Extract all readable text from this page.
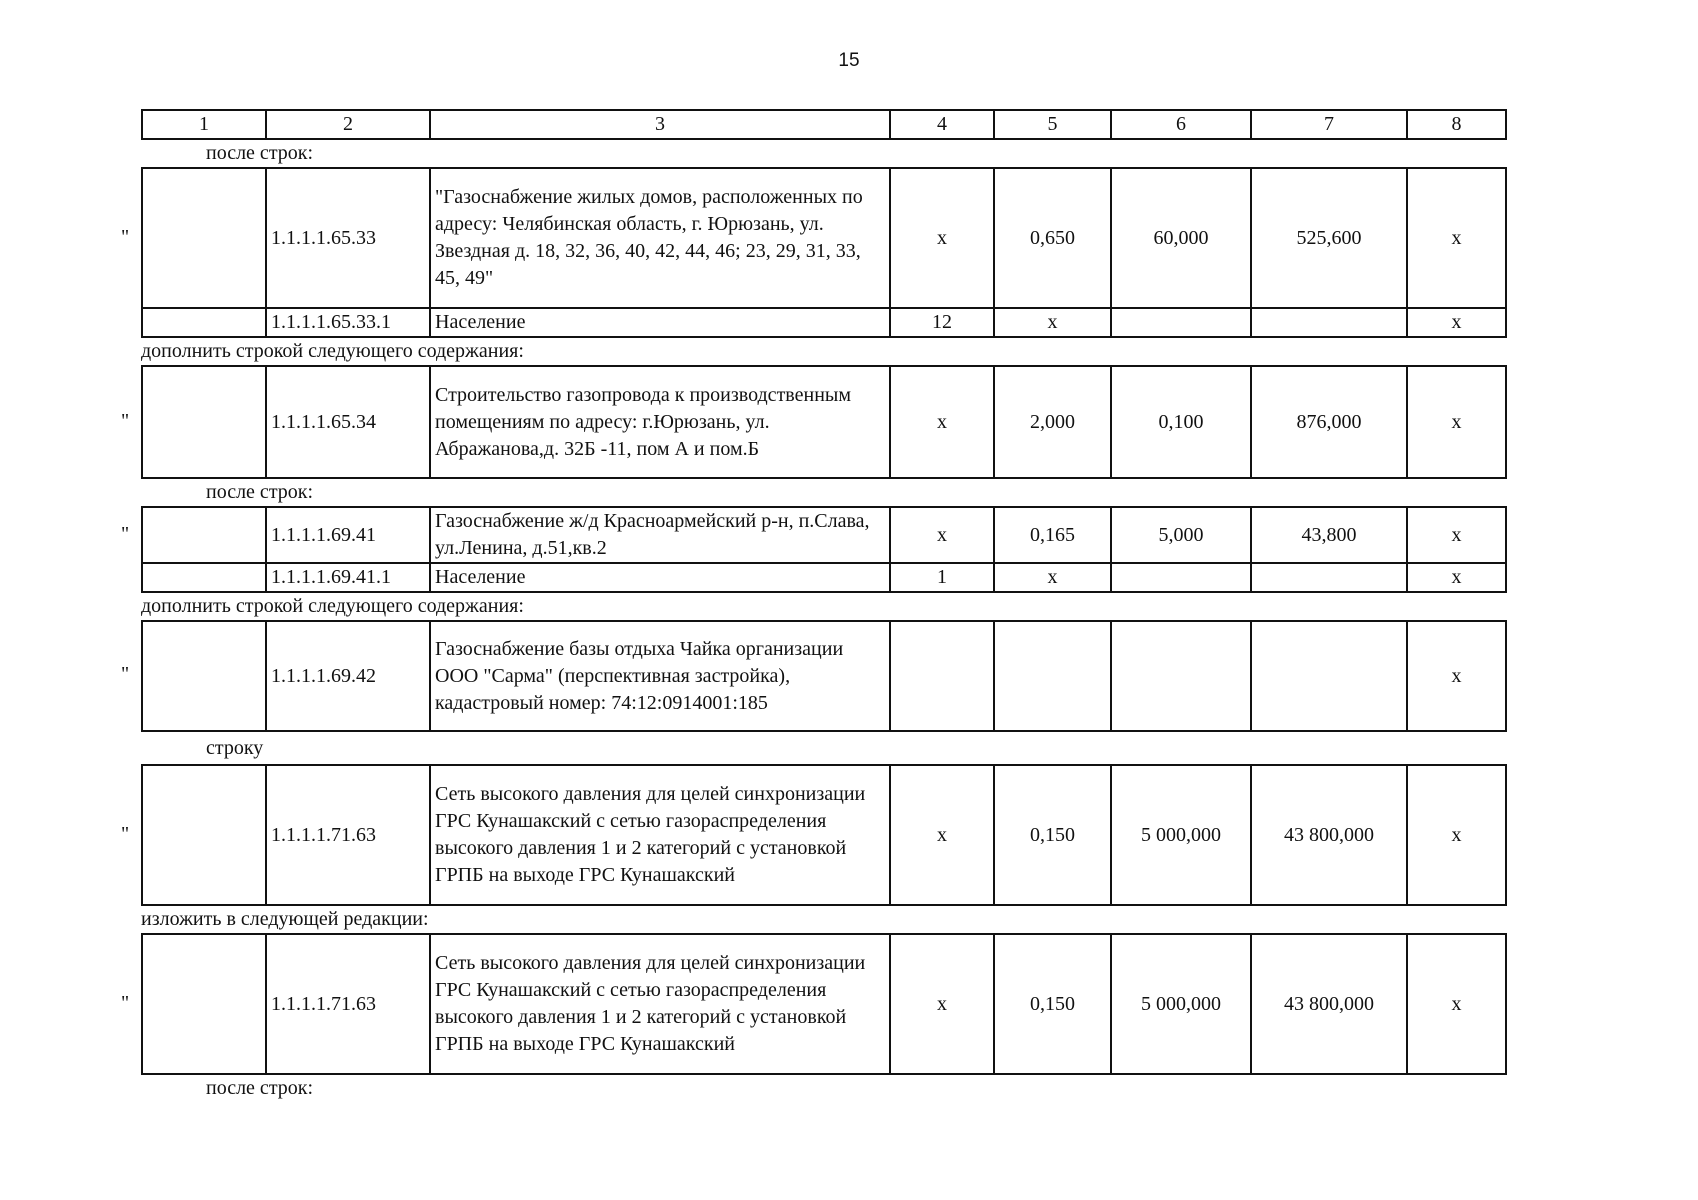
15
1	2	3	4	5	6	7	8
после строк:
"
		1.1.1.1.65.33	"Газоснабжение жилых домов, расположенных по адресу: Челябинская область, г. Юрюзань, ул. Звездная д. 18, 32, 36, 40, 42, 44, 46; 23, 29, 31, 33, 45, 49"	х	0,650	60,000	525,600	х
	1.1.1.1.65.33.1	Население	12	х			х
дополнить строкой следующего содержания:
"
		1.1.1.1.65.34	Строительство газопровода к производственным помещениям по адресу: г.Юрюзань, ул. Абражанова,д. 32Б -11, пом А и пом.Б	х	2,000	0,100	876,000	х
после строк:
"
		1.1.1.1.69.41	Газоснабжение ж/д Красноармейский р-н, п.Слава, ул.Ленина, д.51,кв.2	х	0,165	5,000	43,800	х
	1.1.1.1.69.41.1	Население	1	х			х
дополнить строкой следующего содержания:
"
		1.1.1.1.69.42	Газоснабжение базы отдыха Чайка организации ООО "Сарма" (перспективная застройка), кадастровый номер: 74:12:0914001:185					х
строку
"
		1.1.1.1.71.63	Сеть высокого давления для целей синхронизации ГРС Кунашакский с сетью газораспределения высокого давления 1 и 2 категорий с установкой ГРПБ на выходе ГРС Кунашакский	х	0,150	5 000,000	43 800,000	х
изложить в следующей редакции:
"
		1.1.1.1.71.63	Сеть высокого давления для целей синхронизации ГРС Кунашакский с сетью газораспределения высокого давления 1 и 2 категорий с установкой ГРПБ на выходе ГРС Кунашакский	х	0,150	5 000,000	43 800,000	х
после строк:
